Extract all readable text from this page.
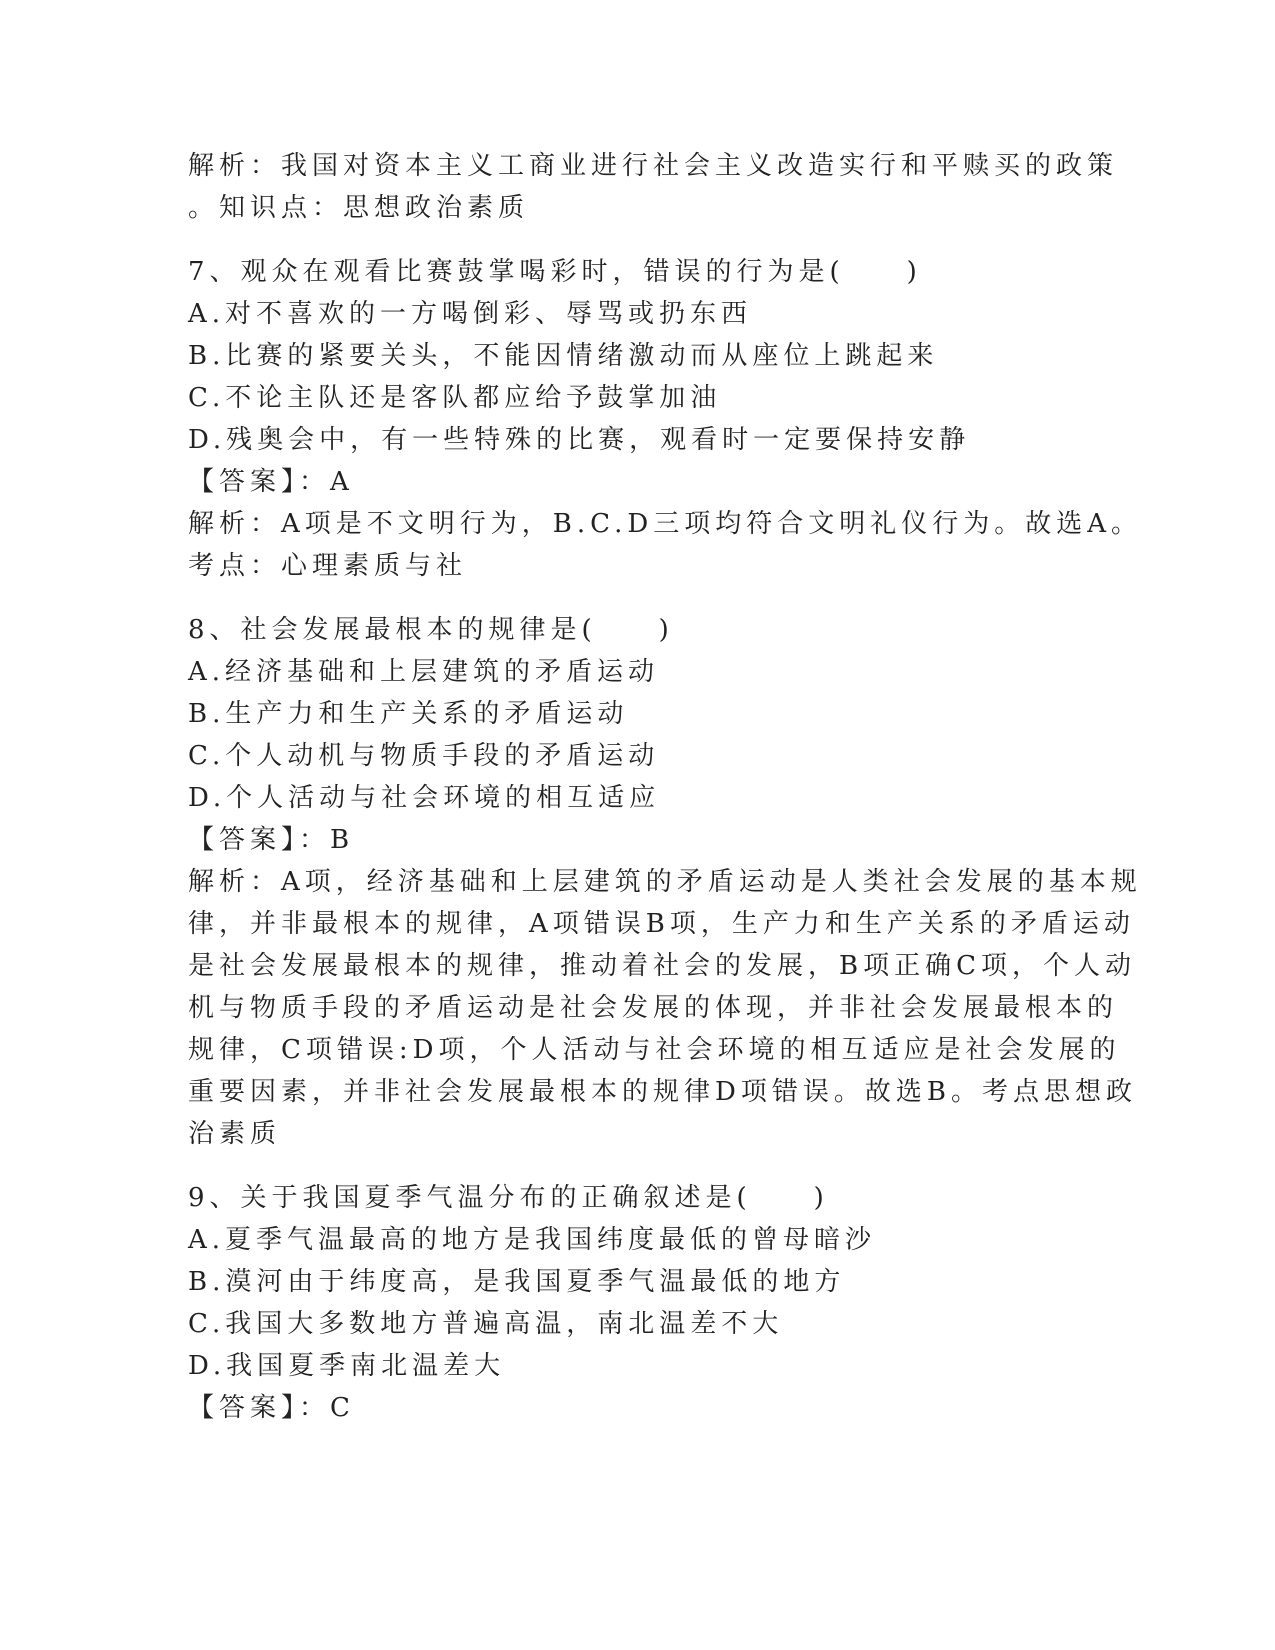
解析：我国对资本主义工商业进行社会主义改造实行和平赎买的政策
。知识点：思想政治素质
7、观众在观看比赛鼓掌喝彩时，错误的行为是(　　)
A.对不喜欢的一方喝倒彩、辱骂或扔东西
B.比赛的紧要关头，不能因情绪激动而从座位上跳起来
C.不论主队还是客队都应给予鼓掌加油
D.残奥会中，有一些特殊的比赛，观看时一定要保持安静
【答案】：A
解析：A项是不文明行为，B.C.D三项均符合文明礼仪行为。故选A。
考点：心理素质与社
8、社会发展最根本的规律是(　　)
A.经济基础和上层建筑的矛盾运动
B.生产力和生产关系的矛盾运动
C.个人动机与物质手段的矛盾运动
D.个人活动与社会环境的相互适应
【答案】：B
解析：A项，经济基础和上层建筑的矛盾运动是人类社会发展的基本规
律，并非最根本的规律，A项错误B项，生产力和生产关系的矛盾运动
是社会发展最根本的规律，推动着社会的发展，B项正确C项，个人动
机与物质手段的矛盾运动是社会发展的体现，并非社会发展最根本的
规律，C项错误:D项，个人活动与社会环境的相互适应是社会发展的
重要因素，并非社会发展最根本的规律D项错误。故选B。考点思想政
治素质
9、关于我国夏季气温分布的正确叙述是(　　)
A.夏季气温最高的地方是我国纬度最低的曾母暗沙
B.漠河由于纬度高，是我国夏季气温最低的地方
C.我国大多数地方普遍高温，南北温差不大
D.我国夏季南北温差大
【答案】：C
